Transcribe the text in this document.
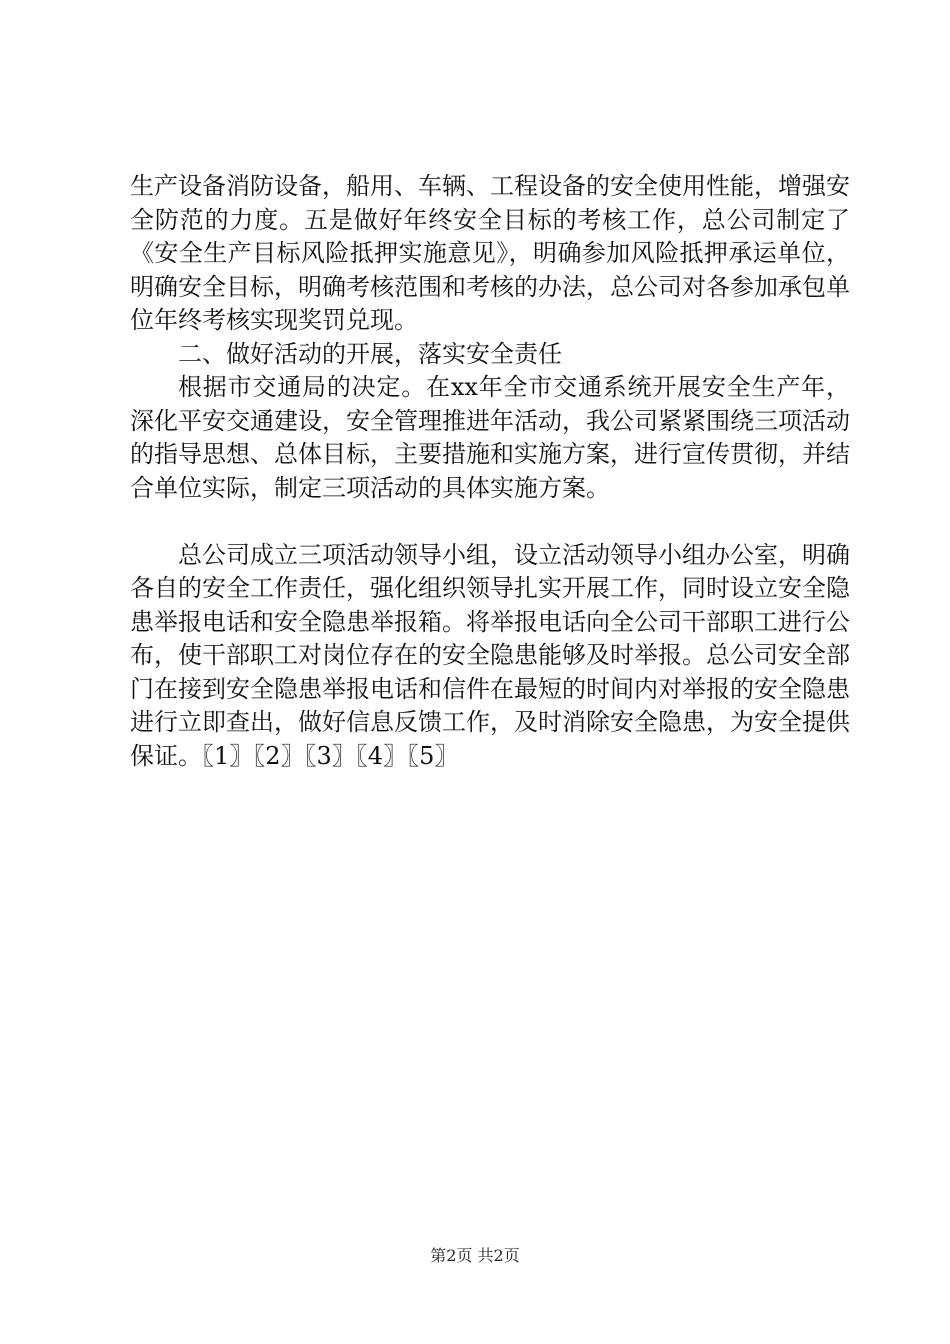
生产设备消防设备，船用、车辆、工程设备的安全使用性能，增强安全防范的力度。五是做好年终安全目标的考核工作，总公司制定了《安全生产目标风险抵押实施意见》，明确参加风险抵押承运单位，明确安全目标，明确考核范围和考核的办法，总公司对各参加承包单位年终考核实现奖罚兑现。

二、做好活动的开展，落实安全责任

根据市交通局的决定。在xx年全市交通系统开展安全生产年，深化平安交通建设，安全管理推进年活动，我公司紧紧围绕三项活动的指导思想、总体目标，主要措施和实施方案，进行宣传贯彻，并结合单位实际，制定三项活动的具体实施方案。

总公司成立三项活动领导小组，设立活动领导小组办公室，明确各自的安全工作责任，强化组织领导扎实开展工作，同时设立安全隐患举报电话和安全隐患举报箱。将举报电话向全公司干部职工进行公布，使干部职工对岗位存在的安全隐患能够及时举报。总公司安全部门在接到安全隐患举报电话和信件在最短的时间内对举报的安全隐患进行立即查出，做好信息反馈工作，及时消除安全隐患，为安全提供保证。〖1〗〖2〗〖3〗〖4〗〖5〗

第2页 共2页
